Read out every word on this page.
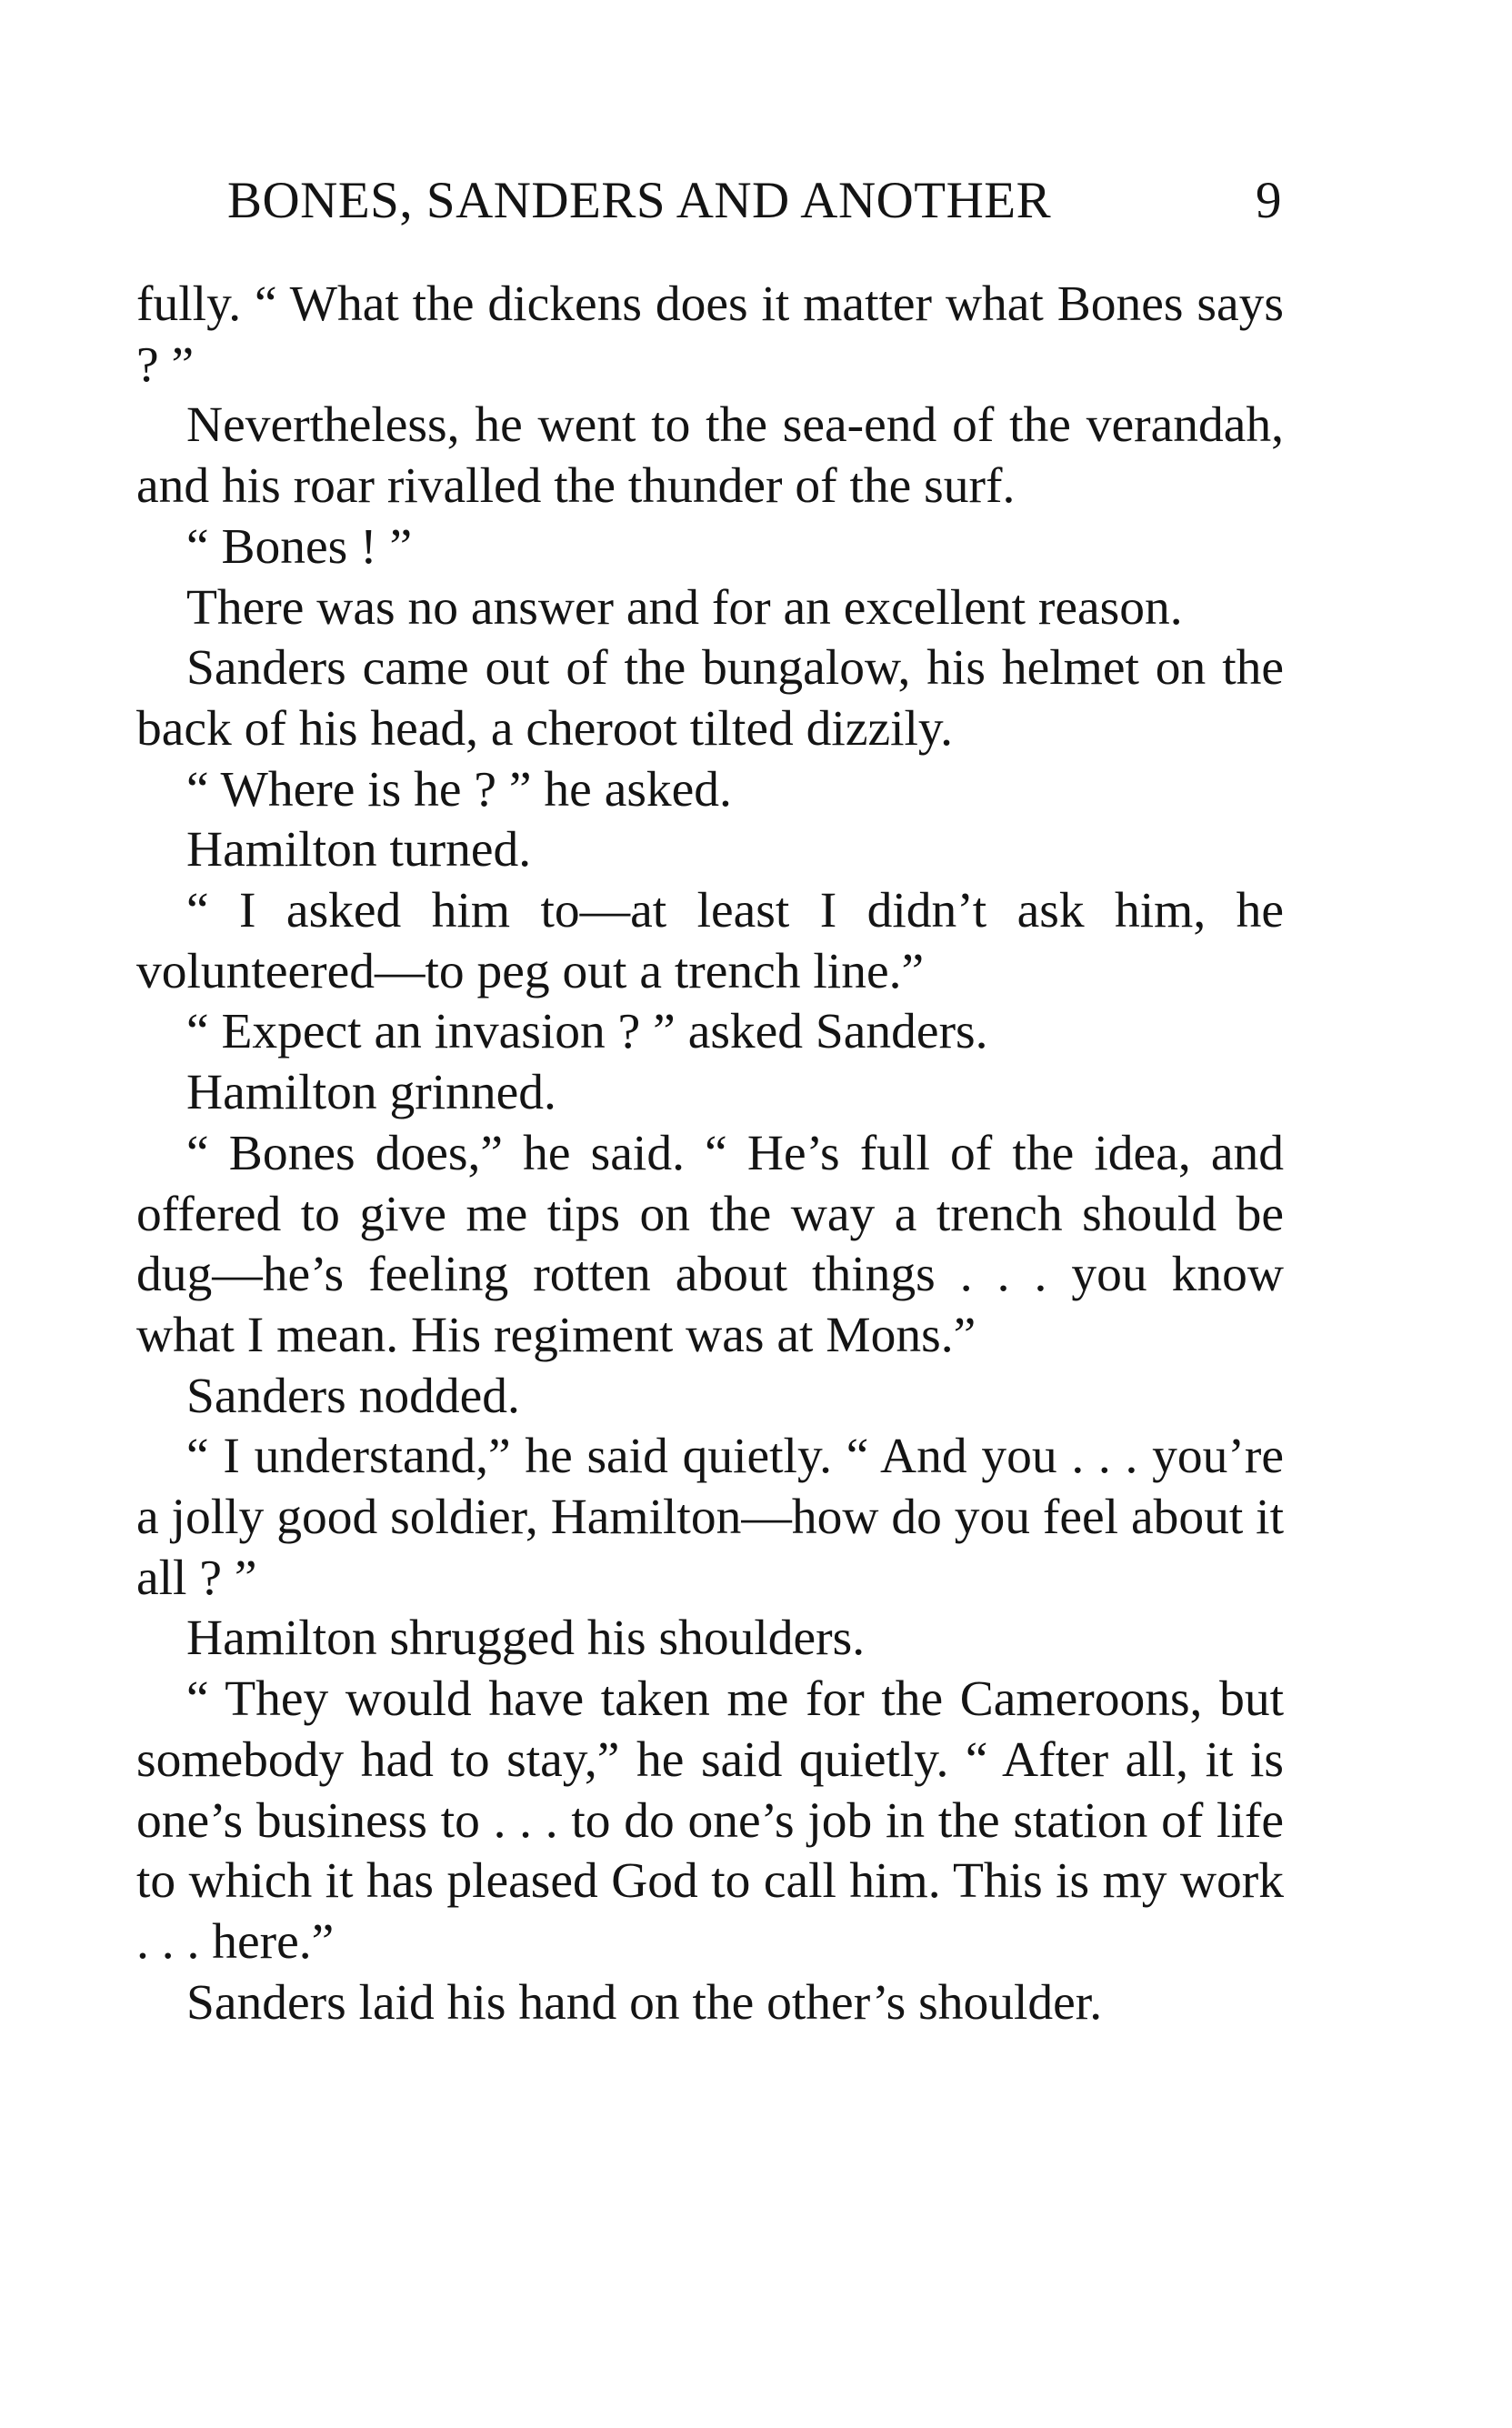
BONES, SANDERS AND ANOTHER	9

fully. “ What the dickens does it matter what Bones says ? ”

Nevertheless, he went to the sea-end of the verandah, and his roar rivalled the thunder of the surf.

“ Bones ! ”

There was no answer and for an excellent reason.

Sanders came out of the bungalow, his helmet on the back of his head, a cheroot tilted dizzily.

“ Where is he ? ” he asked.

Hamilton turned.

“ I asked him to—at least I didn’t ask him, he volunteered—to peg out a trench line.”

“ Expect an invasion ? ” asked Sanders.

Hamilton grinned.

“ Bones does,” he said. “ He’s full of the idea, and offered to give me tips on the way a trench should be dug—he’s feeling rotten about things . . . you know what I mean. His regiment was at Mons.”

Sanders nodded.

“ I understand,” he said quietly. “ And you . . . you’re a jolly good soldier, Hamilton—how do you feel about it all ? ”

Hamilton shrugged his shoulders.

“ They would have taken me for the Cameroons, but somebody had to stay,” he said quietly. “ After all, it is one’s business to . . . to do one’s job in the station of life to which it has pleased God to call him. This is my work . . . here.”

Sanders laid his hand on the other’s shoulder.
